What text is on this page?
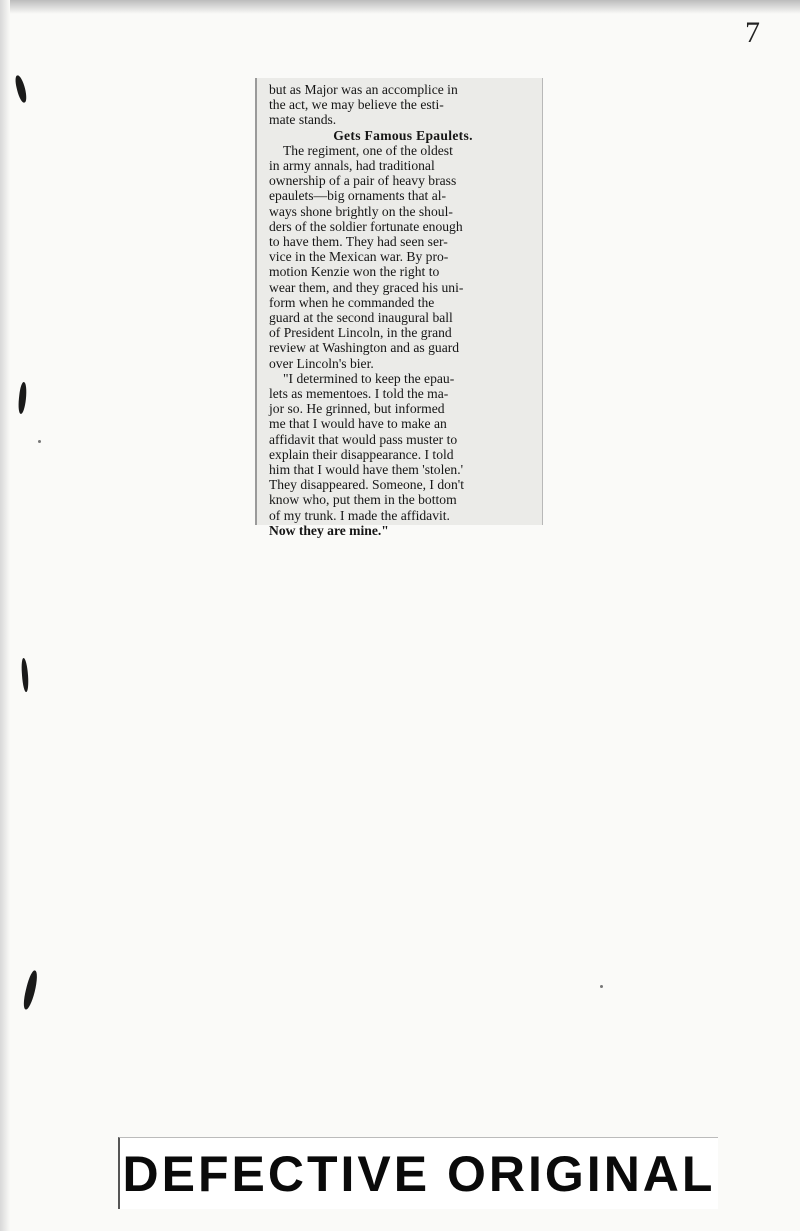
7
but as Major was an accomplice in
the act, we may believe the esti-
mate stands.
Gets Famous Epaulets.
The regiment, one of the oldest
in army annals, had traditional
ownership of a pair of heavy brass
epaulets—big ornaments that al-
ways shone brightly on the shoul-
ders of the soldier fortunate enough
to have them. They had seen ser-
vice in the Mexican war. By pro-
motion Kenzie won the right to
wear them, and they graced his uni-
form when he commanded the
guard at the second inaugural ball
of President Lincoln, in the grand
review at Washington and as guard
over Lincoln's bier.
"I determined to keep the epau-
lets as mementoes. I told the ma-
jor so. He grinned, but informed
me that I would have to make an
affidavit that would pass muster to
explain their disappearance. I told
him that I would have them 'stolen.'
They disappeared. Someone, I don't
know who, put them in the bottom
of my trunk. I made the affidavit.
Now they are mine."
DEFECTIVE ORIGINAL
